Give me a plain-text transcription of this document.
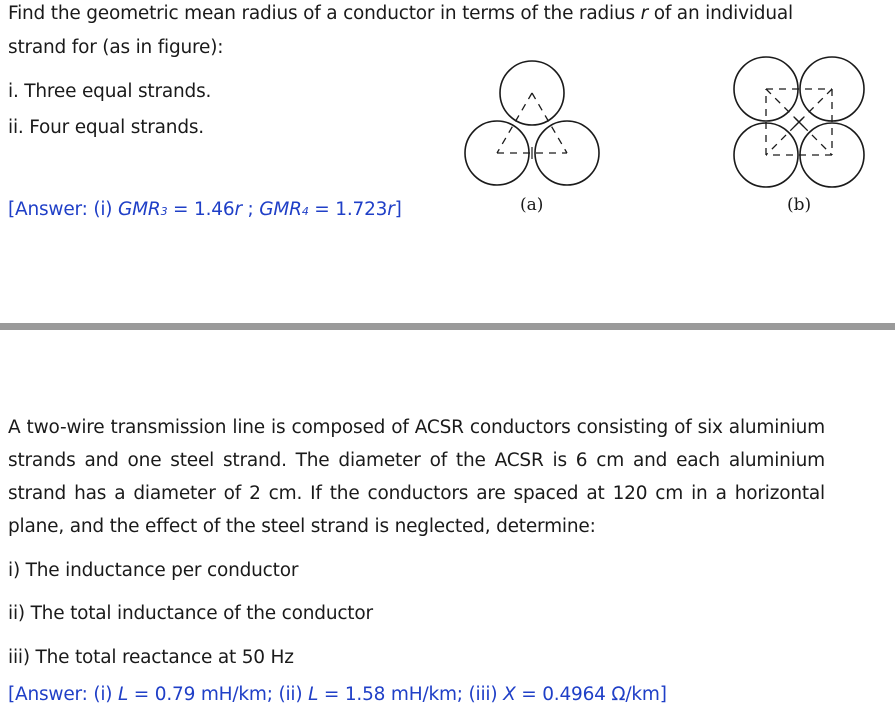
Find the geometric mean radius of a conductor in terms of the radius r of an individual
strand for (as in figure):
i. Three equal strands.
ii. Four equal strands.
[Answer: (i) GMR3 = 1.46r ; GMR4 = 1.723r]	(a)	(b)
A two-wire transmission line is composed of ACSR conductors consisting of six aluminium
strands and one steel strand. The diameter of the ACSR is 6 cm and each aluminium
strand has a diameter of 2 cm. If the conductors are spaced at 120 cm in a horizontal
plane, and the effect of the steel strand is neglected, determine:
i) The inductance per conductor
ii) The total inductance of the conductor
iii) The total reactance at 50 Hz
[Answer: (i) L = 0.79 mH/km; (ii) L = 1.58 mH/km; (iii) X = 0.4964 Ω/km]
